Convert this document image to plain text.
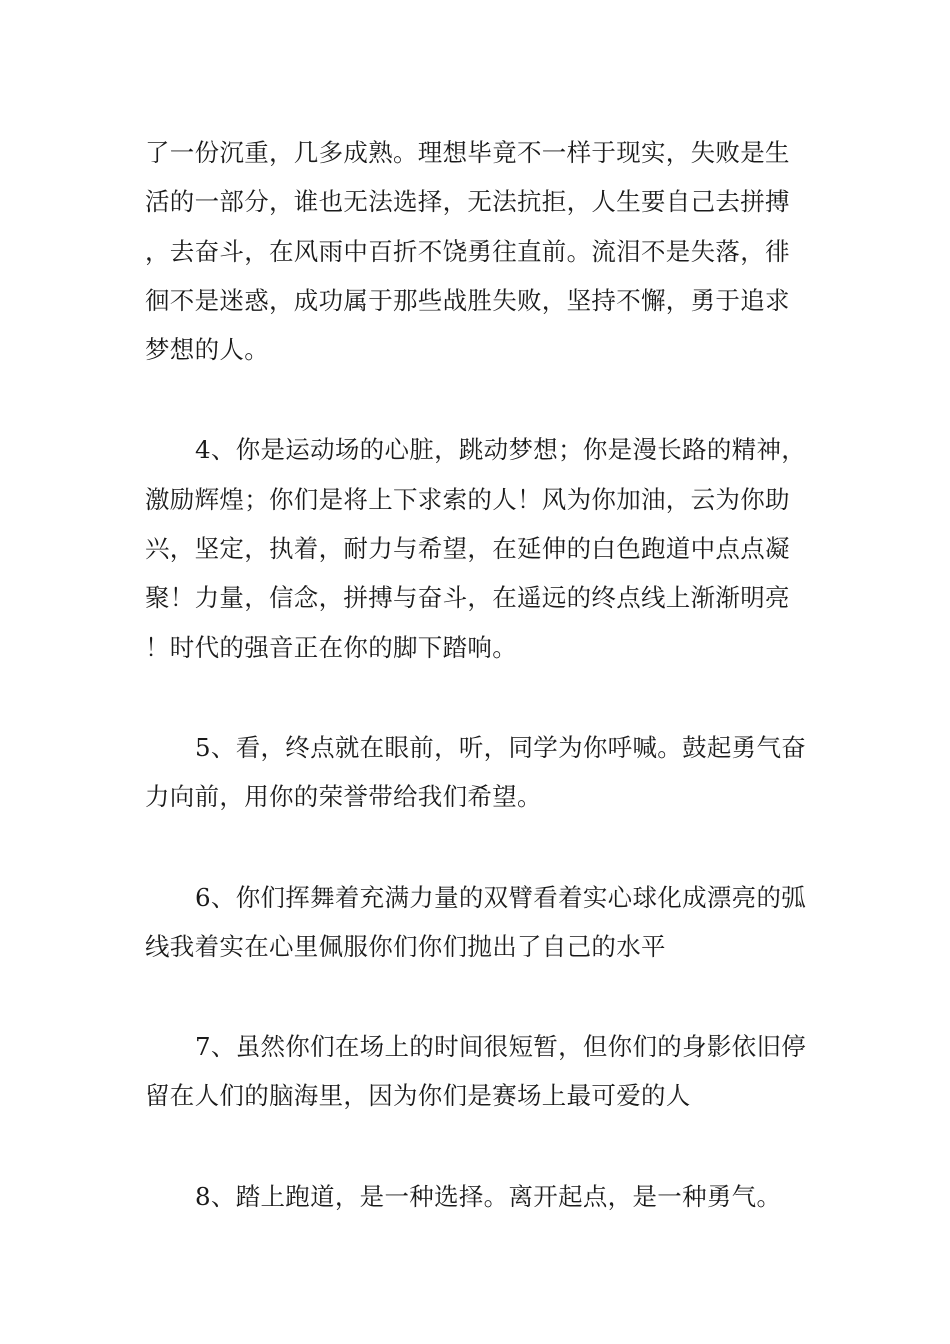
了一份沉重，几多成熟。理想毕竟不一样于现实，失败是生活的一部分，谁也无法选择，无法抗拒，人生要自己去拼搏，去奋斗，在风雨中百折不饶勇往直前。流泪不是失落，徘徊不是迷惑，成功属于那些战胜失败，坚持不懈，勇于追求梦想的人。

4、你是运动场的心脏，跳动梦想；你是漫长路的精神，激励辉煌；你们是将上下求索的人！风为你加油，云为你助兴，坚定，执着，耐力与希望，在延伸的白色跑道中点点凝聚！力量，信念，拼搏与奋斗，在遥远的终点线上渐渐明亮！时代的强音正在你的脚下踏响。

5、看，终点就在眼前，听，同学为你呼喊。鼓起勇气奋力向前，用你的荣誉带给我们希望。

6、你们挥舞着充满力量的双臂看着实心球化成漂亮的弧线我着实在心里佩服你们你们抛出了自己的水平

7、虽然你们在场上的时间很短暂，但你们的身影依旧停留在人们的脑海里，因为你们是赛场上最可爱的人

8、踏上跑道，是一种选择。离开起点，是一种勇气。
